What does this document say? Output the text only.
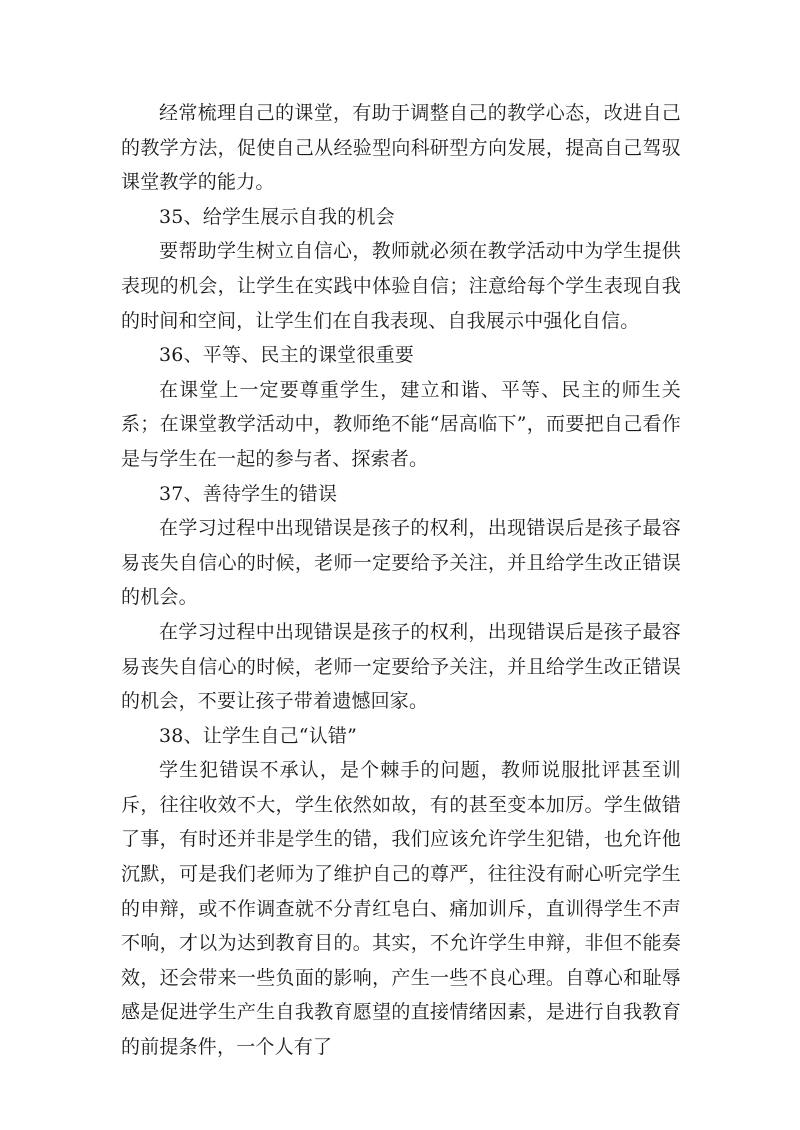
经常梳理自己的课堂，有助于调整自己的教学心态，改进自己的教学方法，促使自己从经验型向科研型方向发展，提高自己驾驭课堂教学的能力。

35、给学生展示自我的机会

要帮助学生树立自信心，教师就必须在教学活动中为学生提供表现的机会，让学生在实践中体验自信；注意给每个学生表现自我的时间和空间，让学生们在自我表现、自我展示中强化自信。

36、平等、民主的课堂很重要

在课堂上一定要尊重学生，建立和谐、平等、民主的师生关系；在课堂教学活动中，教师绝不能“居高临下”，而要把自己看作是与学生在一起的参与者、探索者。

37、善待学生的错误

在学习过程中出现错误是孩子的权利，出现错误后是孩子最容易丧失自信心的时候，老师一定要给予关注，并且给学生改正错误的机会。

在学习过程中出现错误是孩子的权利，出现错误后是孩子最容易丧失自信心的时候，老师一定要给予关注，并且给学生改正错误的机会，不要让孩子带着遗憾回家。

38、让学生自己“认错”

学生犯错误不承认，是个棘手的问题，教师说服批评甚至训斥，往往收效不大，学生依然如故，有的甚至变本加厉。学生做错了事，有时还并非是学生的错，我们应该允许学生犯错，也允许他沉默，可是我们老师为了维护自己的尊严，往往没有耐心听完学生的申辩，或不作调查就不分青红皂白、痛加训斥，直训得学生不声不响，才以为达到教育目的。其实，不允许学生申辩，非但不能奏效，还会带来一些负面的影响，产生一些不良心理。自尊心和耻辱感是促进学生产生自我教育愿望的直接情绪因素，是进行自我教育的前提条件，一个人有了
